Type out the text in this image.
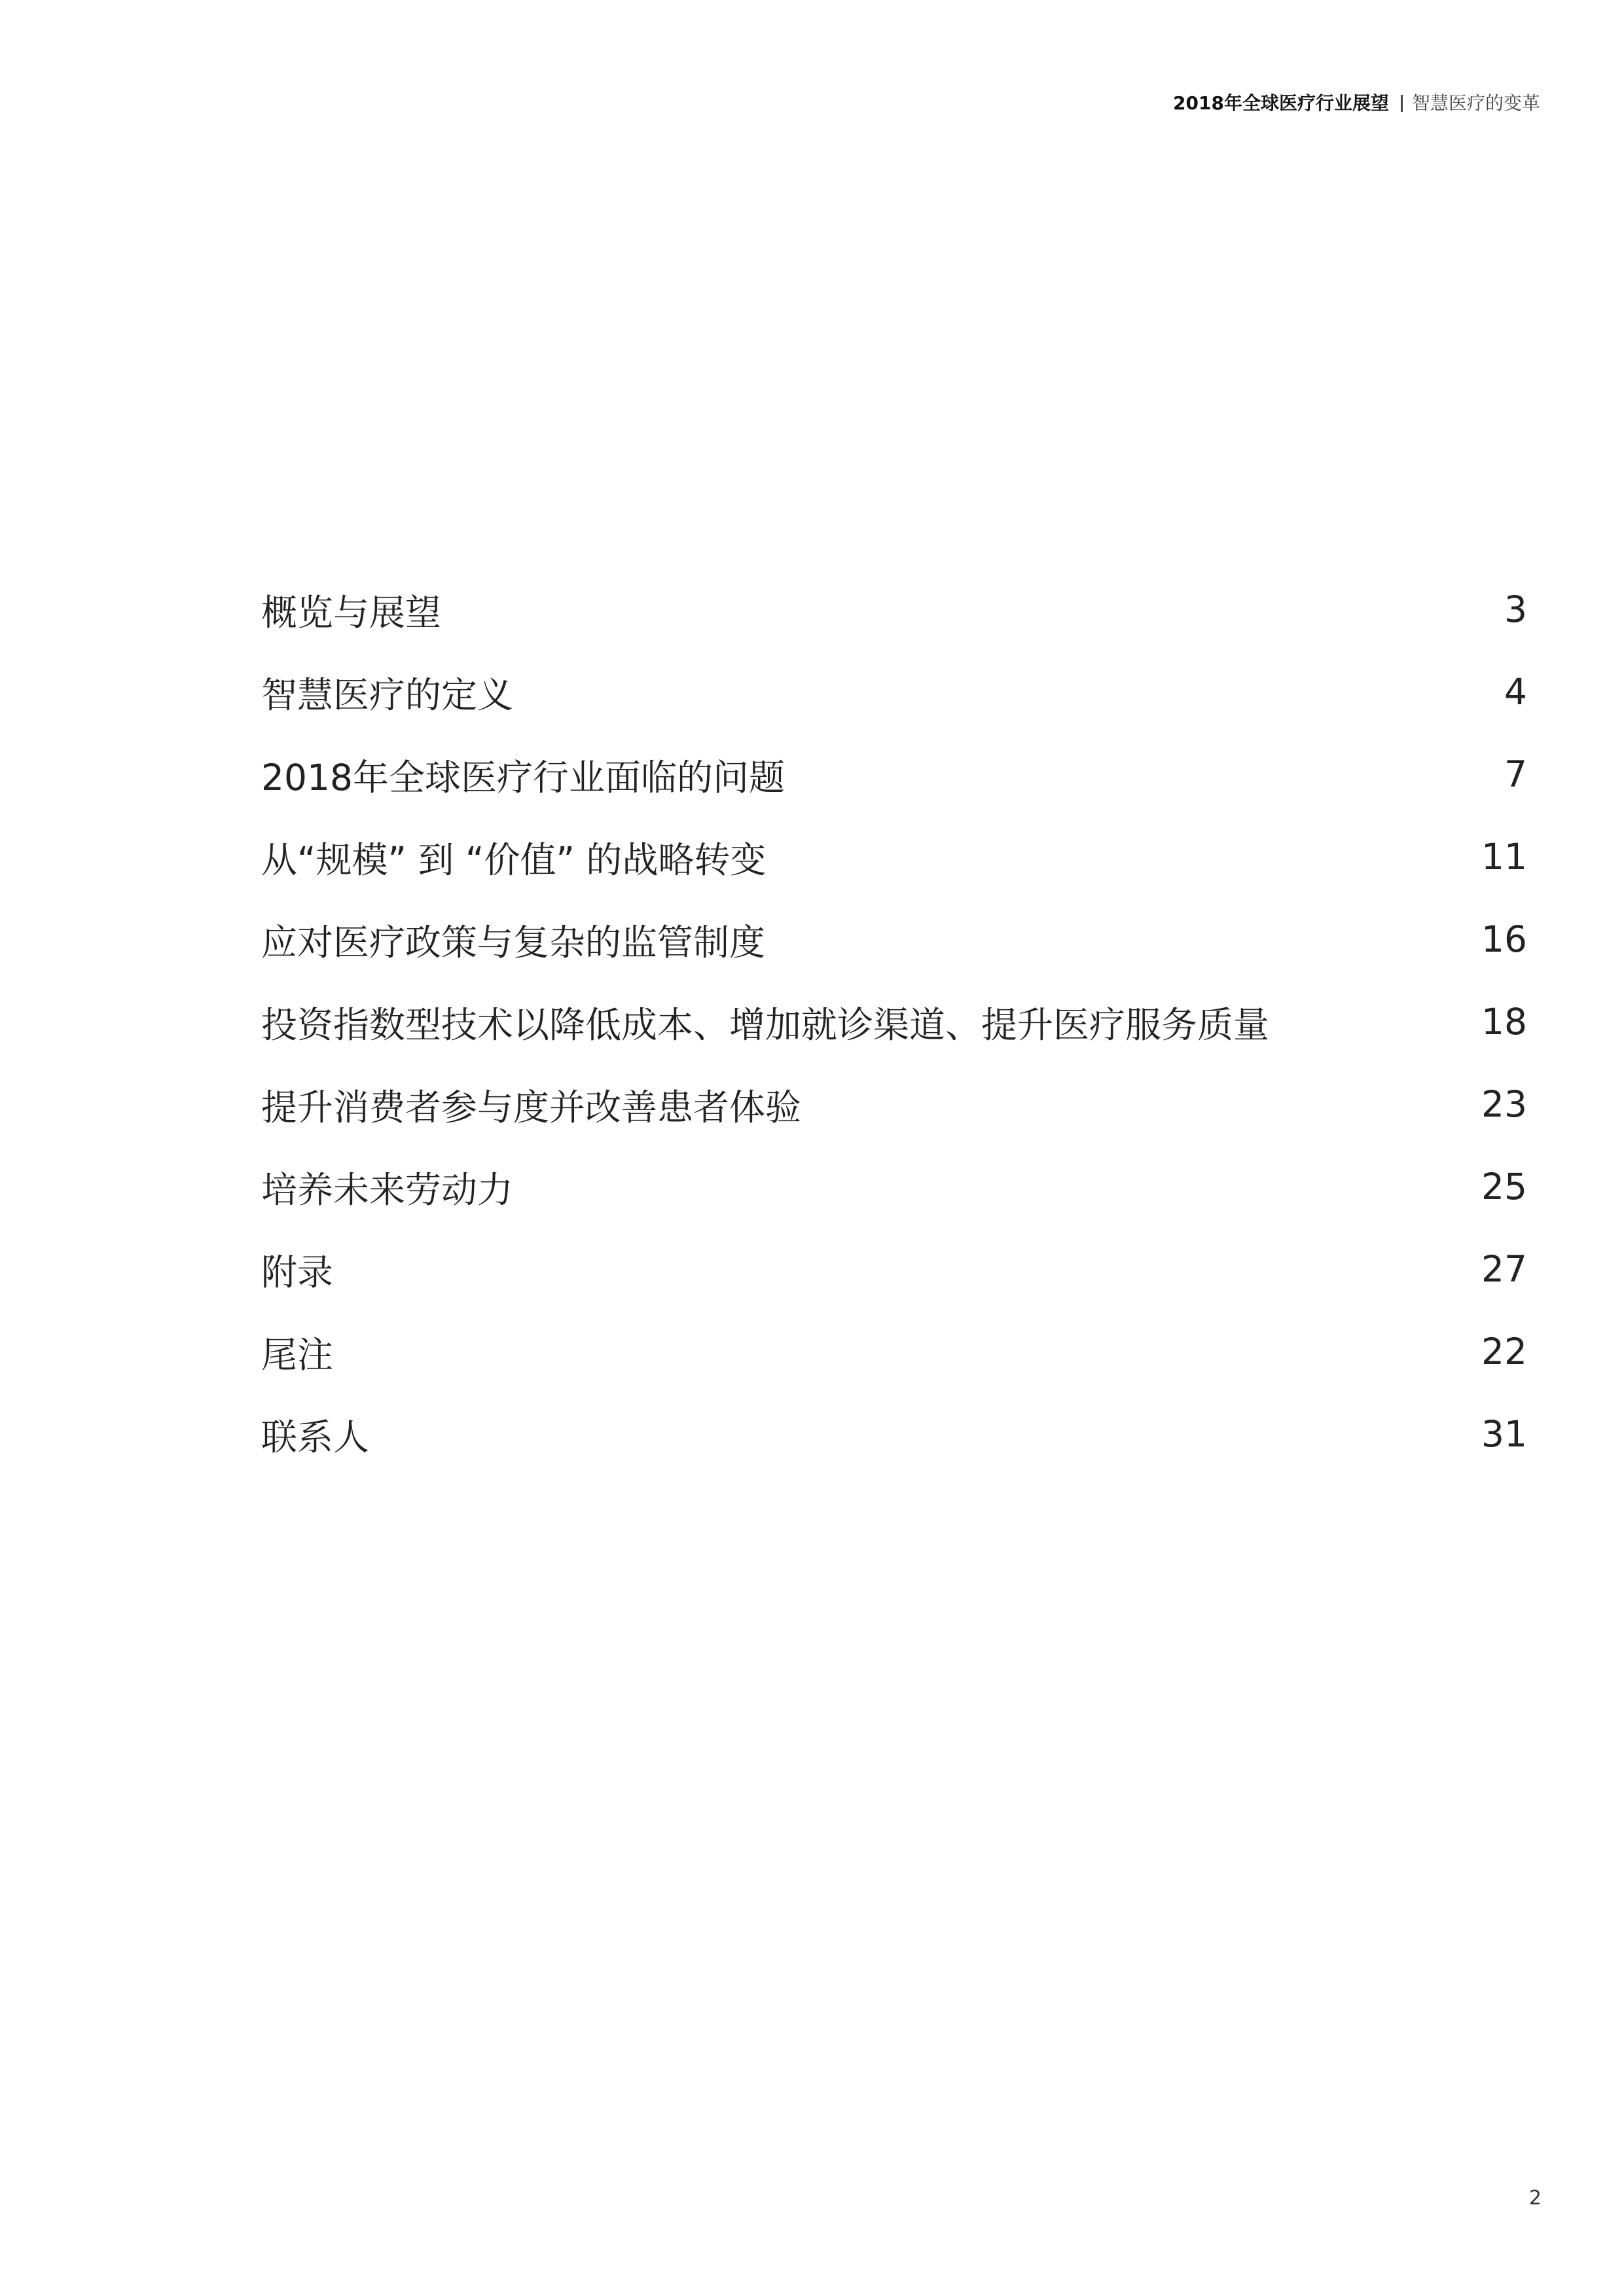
2018年全球医疗行业展望 智慧医疗的变革
概览与展望	3
智慧医疗的定义	4
2018年全球医疗行业面临的问题	7
从“规模” 到 “价值” 的战略转变	11
应对医疗政策与复杂的监管制度	16
投资指数型技术以降低成本、增加就诊渠道、提升医疗服务质量	18
提升消费者参与度并改善患者体验	23
培养未来劳动力	25
附录	27
尾注	22
联系人	31
2
